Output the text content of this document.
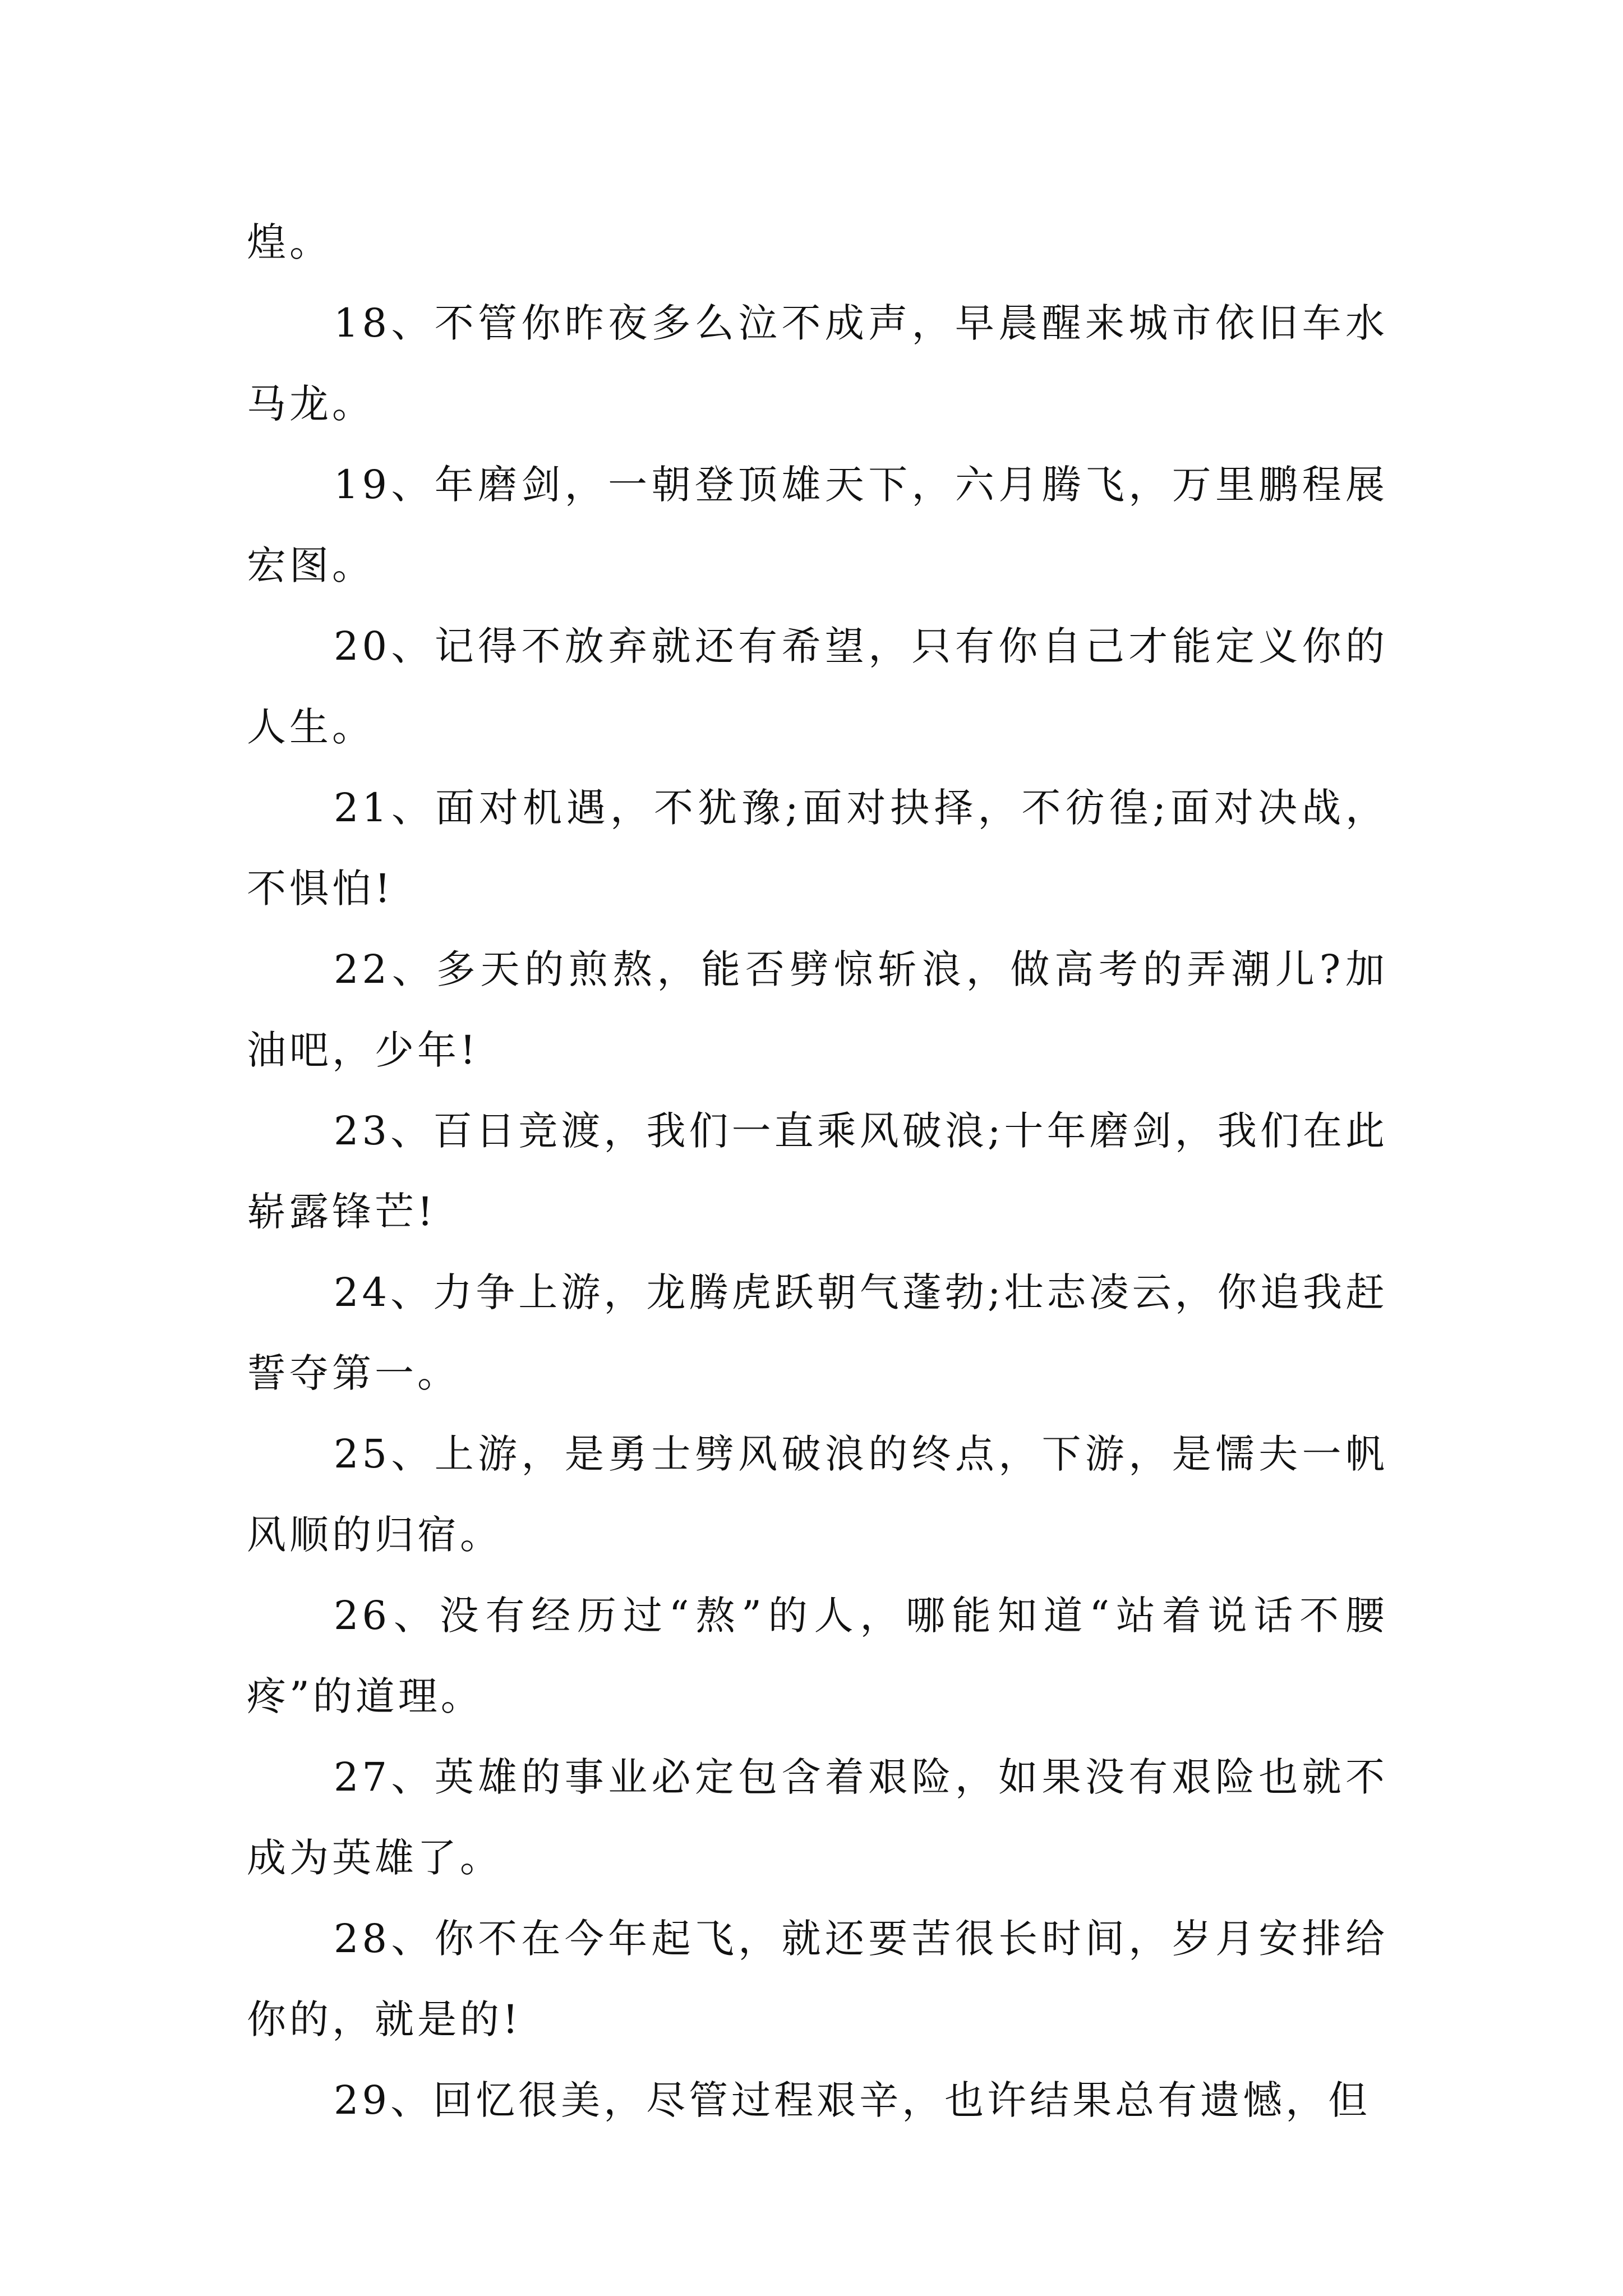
煌。

18、不管你昨夜多么泣不成声，早晨醒来城市依旧车水马龙。

19、年磨剑，一朝登顶雄天下，六月腾飞，万里鹏程展宏图。

20、记得不放弃就还有希望，只有你自己才能定义你的人生。

21、面对机遇，不犹豫;面对抉择，不彷徨;面对决战，不惧怕!

22、多天的煎熬，能否劈惊斩浪，做高考的弄潮儿?加油吧，少年!

23、百日竞渡，我们一直乘风破浪;十年磨剑，我们在此崭露锋芒!

24、力争上游，龙腾虎跃朝气蓬勃;壮志凌云，你追我赶誓夺第一。

25、上游，是勇士劈风破浪的终点，下游，是懦夫一帆风顺的归宿。

26、没有经历过“熬”的人，哪能知道“站着说话不腰疼”的道理。

27、英雄的事业必定包含着艰险，如果没有艰险也就不成为英雄了。

28、你不在今年起飞，就还要苦很长时间，岁月安排给你的，就是的!

29、回忆很美，尽管过程艰辛，也许结果总有遗憾，但
